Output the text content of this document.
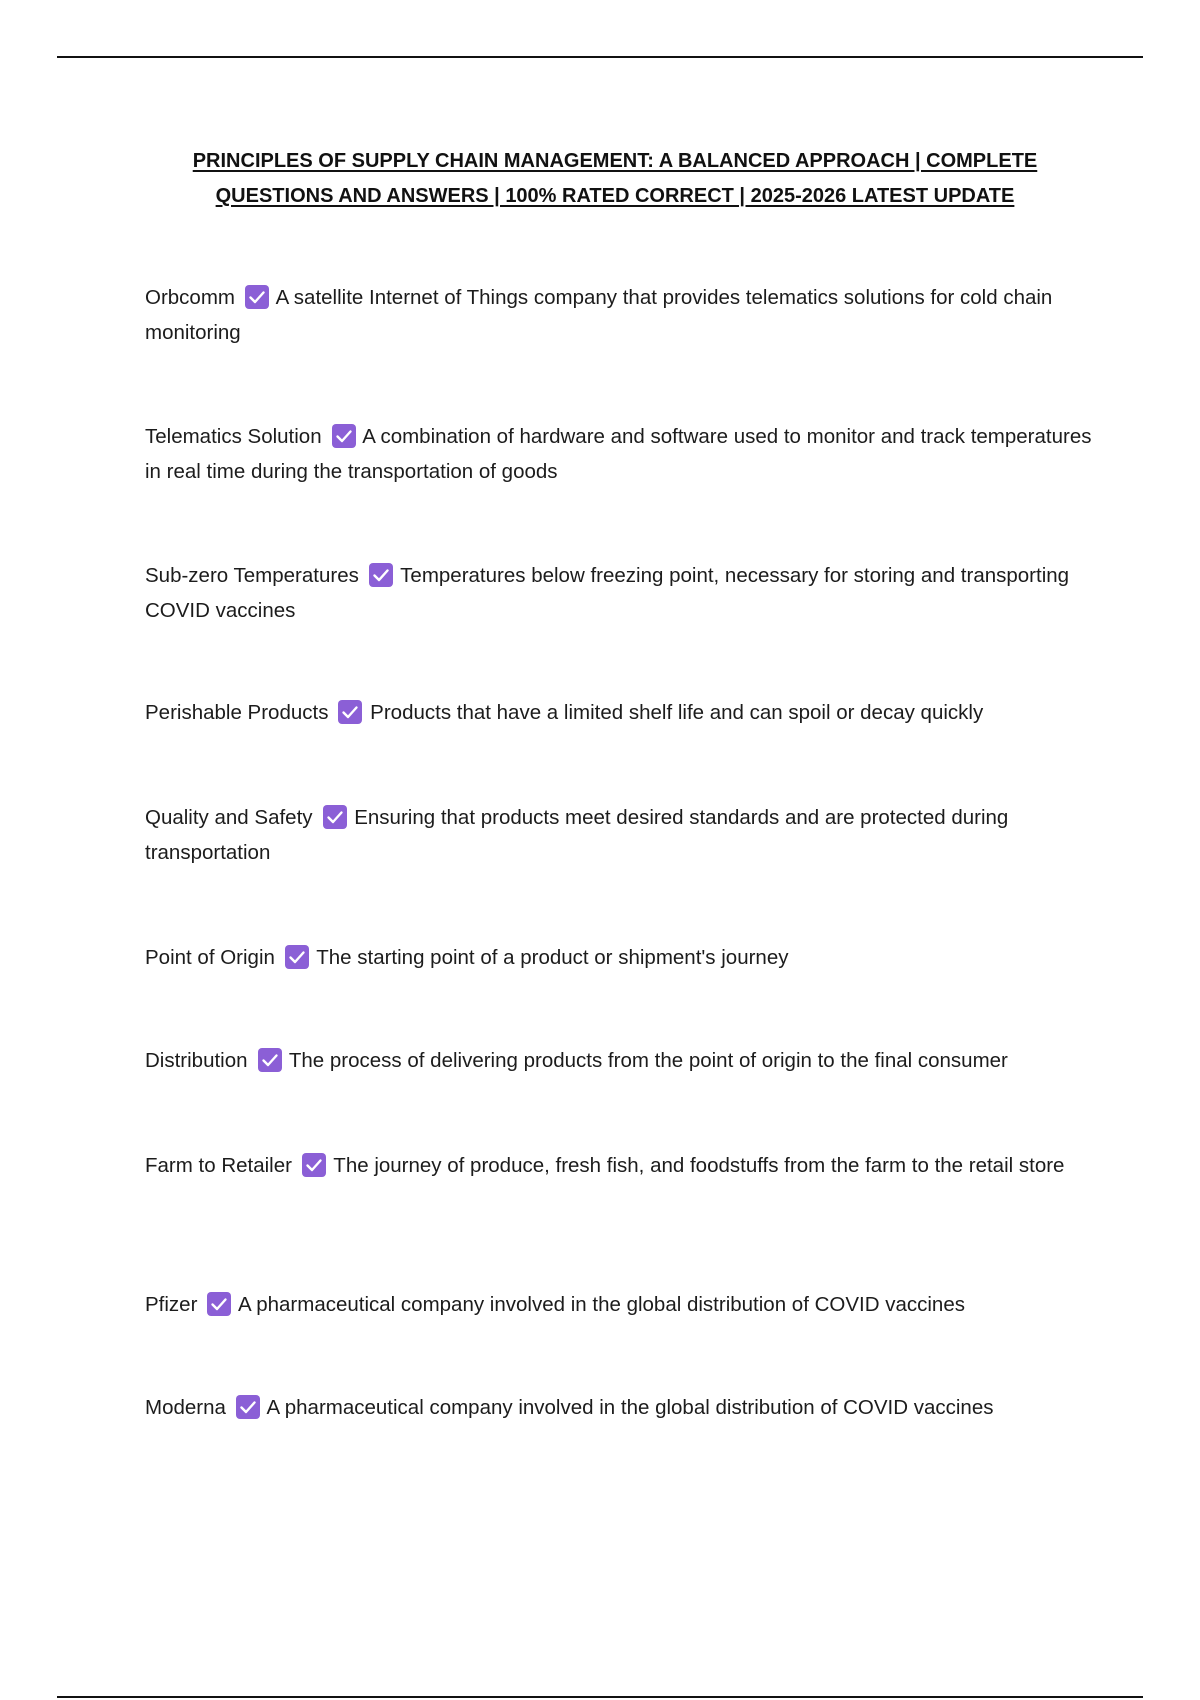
PRINCIPLES OF SUPPLY CHAIN MANAGEMENT: A BALANCED APPROACH | COMPLETE
QUESTIONS AND ANSWERS | 100% RATED CORRECT | 2025-2026 LATEST UPDATE
Orbcomm A satellite Internet of Things company that provides telematics solutions for cold chain monitoring
Telematics Solution A combination of hardware and software used to monitor and track temperatures in real time during the transportation of goods
Sub-zero Temperatures Temperatures below freezing point, necessary for storing and transporting COVID vaccines
Perishable Products Products that have a limited shelf life and can spoil or decay quickly
Quality and Safety Ensuring that products meet desired standards and are protected during transportation
Point of Origin The starting point of a product or shipment's journey
Distribution The process of delivering products from the point of origin to the final consumer
Farm to Retailer The journey of produce, fresh fish, and foodstuffs from the farm to the retail store
Pfizer A pharmaceutical company involved in the global distribution of COVID vaccines
Moderna A pharmaceutical company involved in the global distribution of COVID vaccines
